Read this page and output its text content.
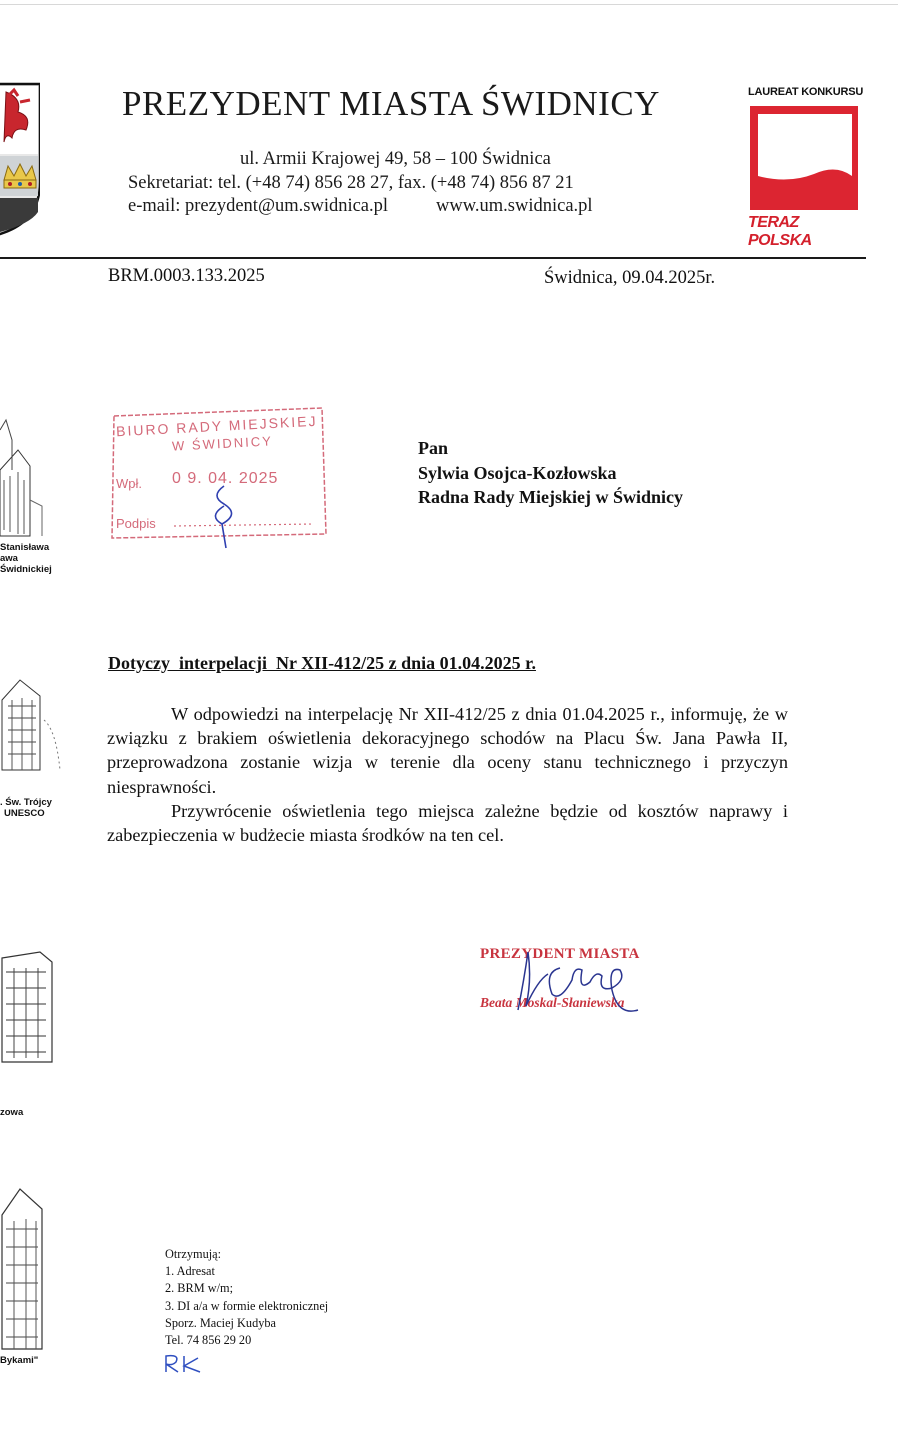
PREZYDENT MIASTA ŚWIDNICY
ul. Armii Krajowej 49, 58 – 100 Świdnica
Sekretariat: tel. (+48 74) 856 28 27, fax. (+48 74) 856 87 21
e-mail: prezydent@um.swidnica.pl	www.um.swidnica.pl
LAUREAT KONKURSU
TERAZ POLSKA
BRM.0003.133.2025	Świdnica, 09.04.2025r.
Stanisława
awa
Świdnickiej
. Św. Trójcy
UNESCO
zowa
Bykami"
BIURO RADY MIEJSKIEJ
W ŚWIDNICY
Wpł. 0 9. 04. 2025
Podpis
Pan
Sylwia Osojca-Kozłowska
Radna Rady Miejskiej w Świdnicy
Dotyczy  interpelacji  Nr XII-412/25 z dnia 01.04.2025 r.

W odpowiedzi na interpelację Nr XII-412/25 z dnia 01.04.2025 r., informuję, że w związku z brakiem oświetlenia dekoracyjnego schodów na Placu Św. Jana Pawła II, przeprowadzona zostanie wizja w terenie dla oceny stanu technicznego i przyczyn niesprawności.

Przywrócenie oświetlenia tego miejsca zależne będzie od kosztów naprawy i zabezpieczenia w budżecie miasta środków na ten cel.

PREZYDENT MIASTA
Beata Moskal-Słaniewska
Otrzymują:
1. Adresat
2. BRM w/m;
3. DI a/a w formie elektronicznej
Sporz. Maciej Kudyba
Tel. 74 856 29 20
